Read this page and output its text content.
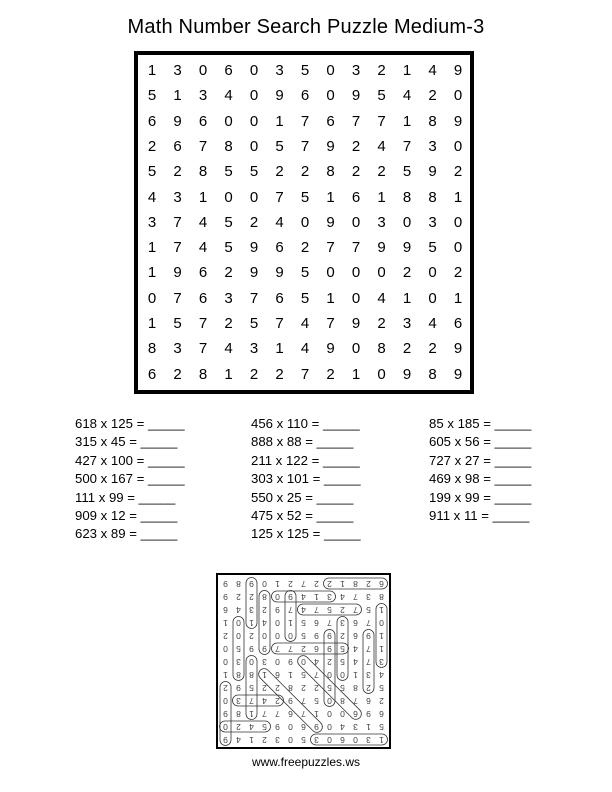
Math Number Search Puzzle Medium-3
1	3	0	6	0	3	5	0	3	2	1	4	9
5	1	3	4	0	9	6	0	9	5	4	2	0
6	9	6	0	0	1	7	6	7	7	1	8	9
2	6	7	8	0	5	7	9	2	4	7	3	0
5	2	8	5	5	2	2	8	2	2	5	9	2
4	3	1	0	0	7	5	1	6	1	8	8	1
3	7	4	5	2	4	0	9	0	3	0	3	0
1	7	4	5	9	6	2	7	7	9	9	5	0
1	9	6	2	9	9	5	0	0	0	2	0	2
0	7	6	3	7	6	5	1	0	4	1	0	1
1	5	7	2	5	7	4	7	9	2	3	4	6
8	3	7	4	3	1	4	9	0	8	2	2	9
6	2	8	1	2	2	7	2	1	0	9	8	9
618 x 125 = _____
315 x 45 = _____
427 x 100 = _____
500 x 167 = _____
111 x 99 = _____
909 x 12 = _____
623 x 89 = _____
456 x 110 = _____
888 x 88 = _____
211 x 122 = _____
303 x 101 = _____
550 x 25 = _____
475 x 52 = _____
125 x 125 = _____
85 x 185 = _____
605 x 56 = _____
727 x 27 = _____
469 x 98 = _____
199 x 99 = _____
911 x 11 = _____
1
3
0
6
0
3
5
0
3
2
1
4
9
5
1
3
4
0
9
6
0
9
5
4
2
0
6
9
6
0
0
1
7
6
7
7
1
8
9
2
6
7
8
0
5
7
9
2
4
7
3
0
5
2
8
5
5
2
2
8
2
2
5
9
2
4
3
1
0
0
7
5
1
6
1
8
8
1
3
7
4
5
2
4
0
9
0
3
0
3
0
1
7
4
5
9
6
2
7
7
9
9
5
0
1
9
6
2
9
9
5
0
0
0
2
0
2
0
7
6
3
7
6
5
1
0
4
1
0
1
1
5
7
2
5
7
4
7
9
2
3
4
6
8
3
7
4
3
1
4
9
0
8
2
2
9
6
2
8
1
2
2
7
2
1
0
9
8
9
www.freepuzzles.ws
